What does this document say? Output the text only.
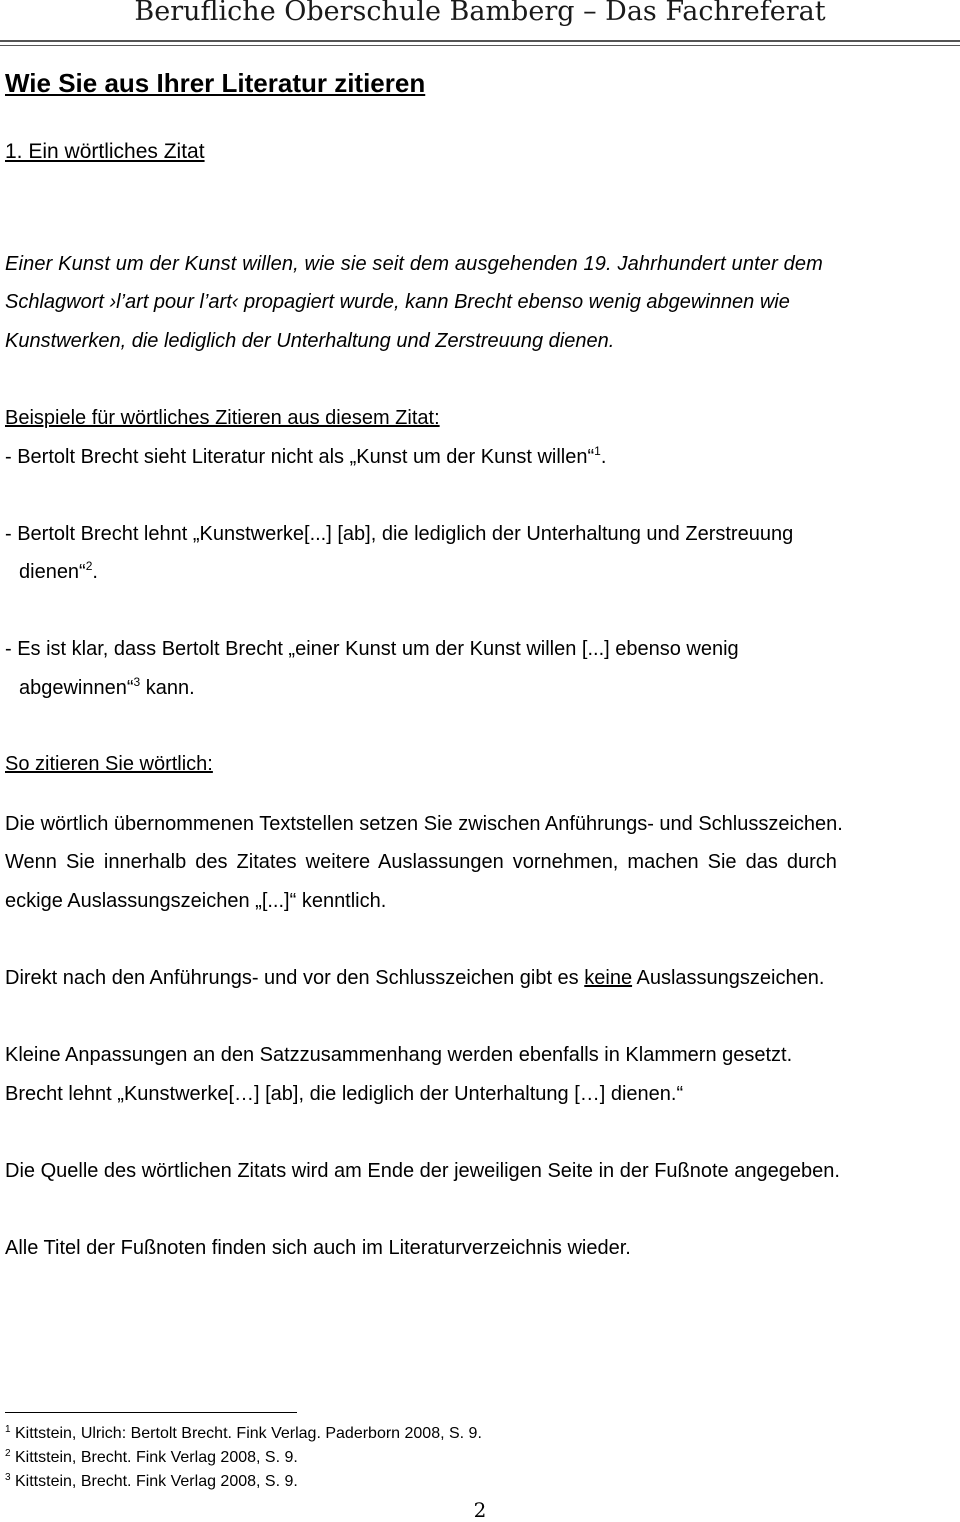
Berufliche Oberschule Bamberg – Das Fachreferat
Wie Sie aus Ihrer Literatur zitieren
1. Ein wörtliches Zitat
Einer Kunst um der Kunst willen, wie sie seit dem ausgehenden 19. Jahrhundert unter dem
Schlagwort ›l’art pour l’art‹ propagiert wurde, kann Brecht ebenso wenig abgewinnen wie
Kunstwerken, die lediglich der Unterhaltung und Zerstreuung dienen.
Beispiele für wörtliches Zitieren aus diesem Zitat:
- Bertolt Brecht sieht Literatur nicht als „Kunst um der Kunst willen“$^1$.
- Bertolt Brecht lehnt „Kunstwerke[...] [ab], die lediglich der Unterhaltung und Zerstreuung
dienen“$^2$.
- Es ist klar, dass Bertolt Brecht „einer Kunst um der Kunst willen [...] ebenso wenig
abgewinnen“$^3$ kann.
So zitieren Sie wörtlich:
Die wörtlich übernommenen Textstellen setzen Sie zwischen Anführungs- und Schlusszeichen.
Wenn Sie innerhalb des Zitates weitere Auslassungen vornehmen, machen Sie das durch
eckige Auslassungszeichen „[...]“ kenntlich.
Direkt nach den Anführungs- und vor den Schlusszeichen gibt es keine Auslassungszeichen.
Kleine Anpassungen an den Satzzusammenhang werden ebenfalls in Klammern gesetzt.
Brecht lehnt „Kunstwerke[…] [ab], die lediglich der Unterhaltung […] dienen.“
Die Quelle des wörtlichen Zitats wird am Ende der jeweiligen Seite in der Fußnote angegeben.
Alle Titel der Fußnoten finden sich auch im Literaturverzeichnis wieder.
$^1$ Kittstein, Ulrich: Bertolt Brecht. Fink Verlag. Paderborn 2008, S. 9.
$^2$ Kittstein, Brecht. Fink Verlag 2008, S. 9.
$^3$ Kittstein, Brecht. Fink Verlag 2008, S. 9.
2
